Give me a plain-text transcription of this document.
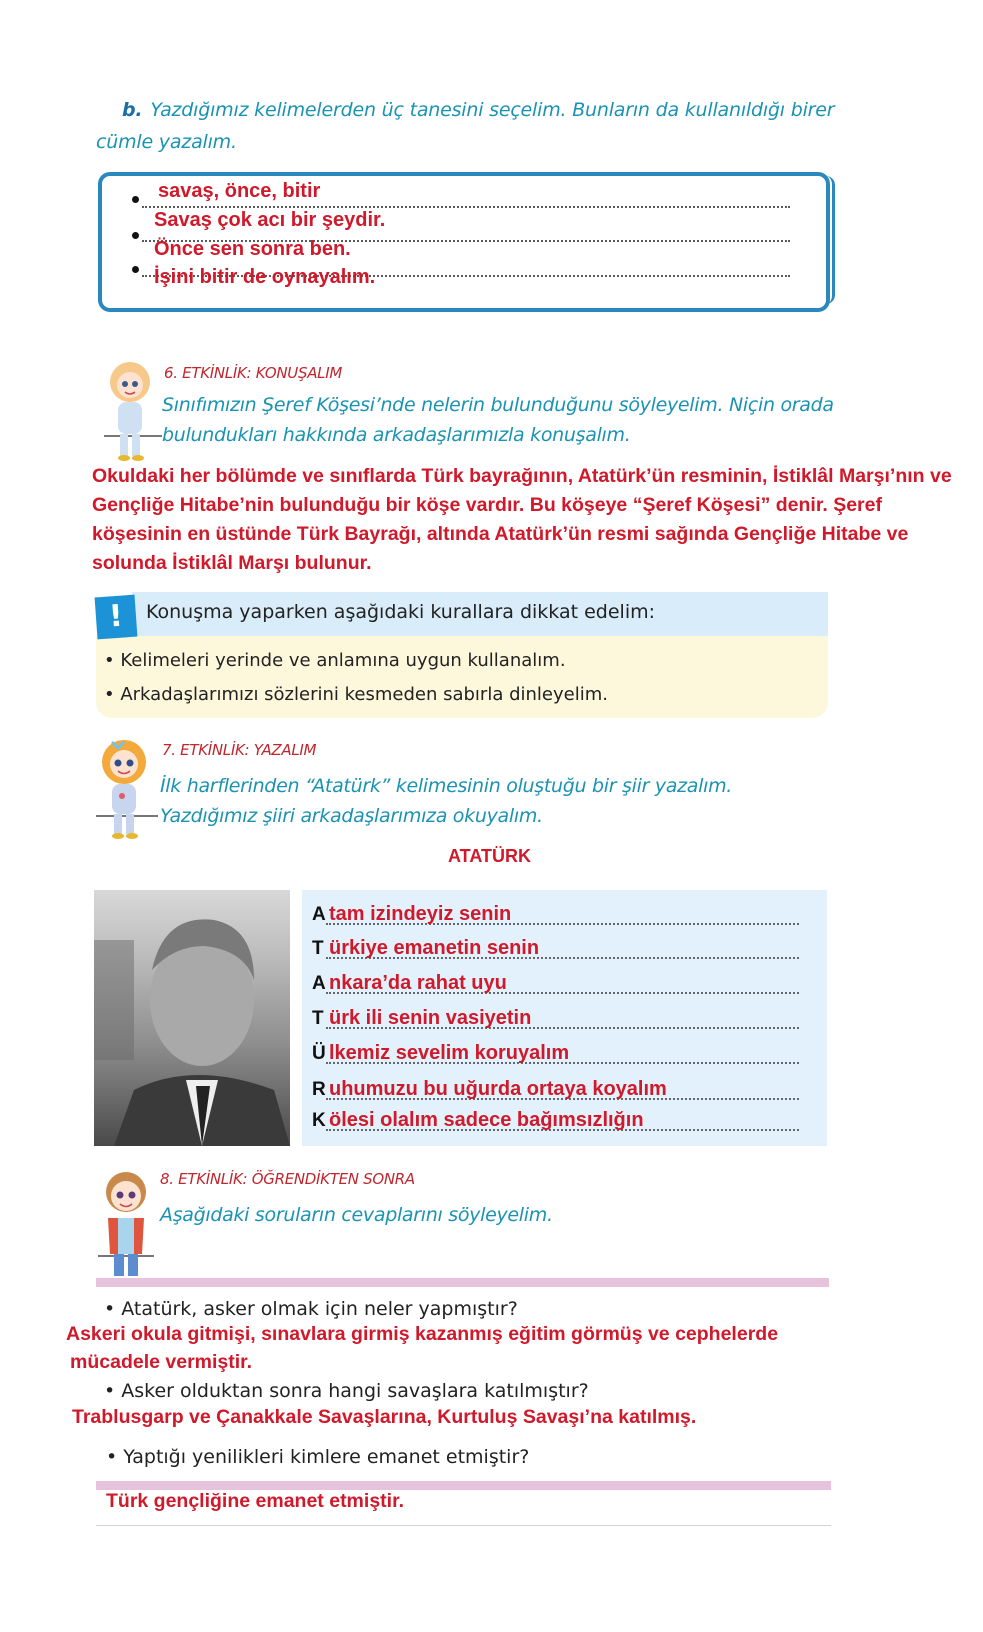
b. Yazdığımız kelimelerden üç tanesini seçelim. Bunların da kullanıldığı birer cümle yazalım.
savaş, önce, bitir
Savaş çok acı bir şeydir.
Önce sen sonra ben.
İşini bitir de oynayalım.
6. ETKİNLİK: KONUŞALIM
Sınıfımızın Şeref Köşesi’nde nelerin bulunduğunu söyleyelim. Niçin orada bulundukları hakkında arkadaşlarımızla konuşalım.
Okuldaki her bölümde ve sınıflarda Türk bayrağının, Atatürk’ün resminin, İstiklâl Marşı’nın ve Gençliğe Hitabe’nin bulunduğu bir köşe vardır. Bu köşeye “Şeref Köşesi” denir. Şeref köşesinin en üstünde Türk Bayrağı, altında Atatürk’ün resmi sağında Gençliğe Hitabe ve solunda İstiklâl Marşı bulunur.
!	Konuşma yaparken aşağıdaki kurallara dikkat edelim:
• Kelimeleri yerinde ve anlamına uygun kullanalım.
• Arkadaşlarımızı sözlerini kesmeden sabırla dinleyelim.
7. ETKİNLİK: YAZALIM
İlk harflerinden “Atatürk” kelimesinin oluştuğu bir şiir yazalım. Yazdığımız şiiri arkadaşlarımıza okuyalım.
ATATÜRK
A tam izindeyiz senin
T ürkiye emanetin senin
A nkara’da rahat uyu
T ürk ili senin vasiyetin
Ü lkemiz sevelim koruyalım
R uhumuzu bu uğurda ortaya koyalım
K ölesi olalım sadece bağımsızlığın
8. ETKİNLİK: ÖĞRENDİKTEN SONRA
Aşağıdaki soruların cevaplarını söyleyelim.
• Atatürk, asker olmak için neler yapmıştır?
Askeri okula gitmişi, sınavlara girmiş kazanmış eğitim görmüş ve cephelerde
mücadele vermiştir.
• Asker olduktan sonra hangi savaşlara katılmıştır?
Trablusgarp ve Çanakkale Savaşlarına, Kurtuluş Savaşı’na katılmış.
• Yaptığı yenilikleri kimlere emanet etmiştir?
Türk gençliğine emanet etmiştir.
